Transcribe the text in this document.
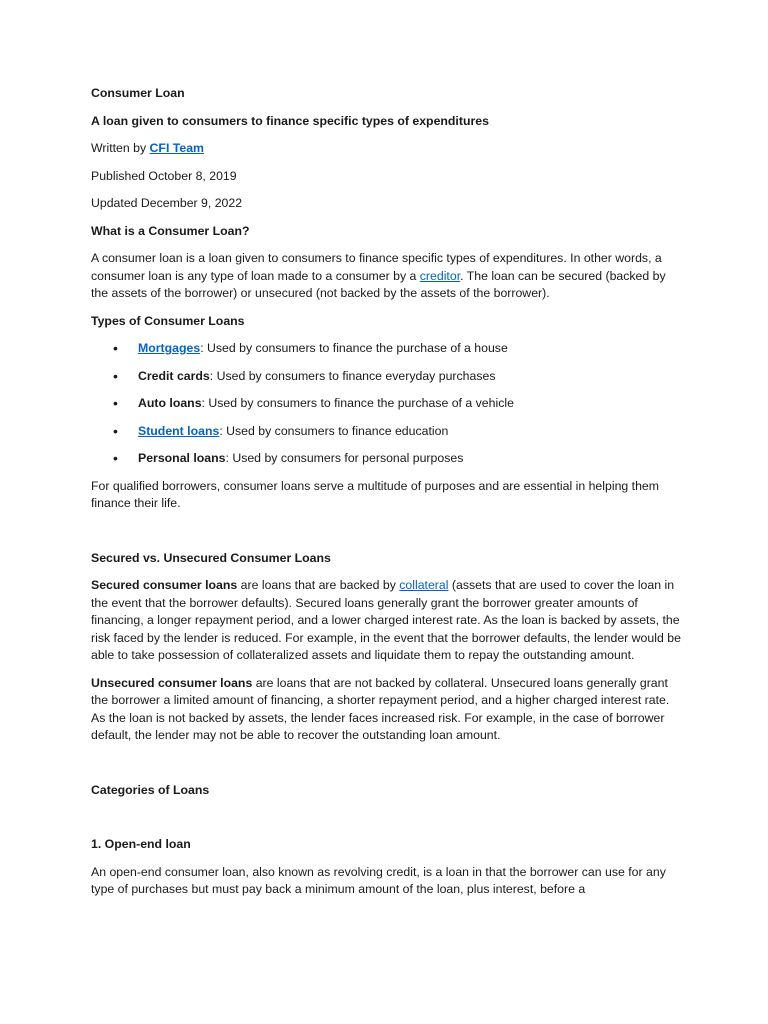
Consumer Loan

A loan given to consumers to finance specific types of expenditures

Written by CFI Team

Published October 8, 2019

Updated December 9, 2022

What is a Consumer Loan?

A consumer loan is a loan given to consumers to finance specific types of expenditures. In other words, a consumer loan is any type of loan made to a consumer by a creditor. The loan can be secured (backed by the assets of the borrower) or unsecured (not backed by the assets of the borrower).

Types of Consumer Loans

• Mortgages: Used by consumers to finance the purchase of a house
• Credit cards: Used by consumers to finance everyday purchases
• Auto loans: Used by consumers to finance the purchase of a vehicle
• Student loans: Used by consumers to finance education
• Personal loans: Used by consumers for personal purposes

For qualified borrowers, consumer loans serve a multitude of purposes and are essential in helping them finance their life.

Secured vs. Unsecured Consumer Loans

Secured consumer loans are loans that are backed by collateral (assets that are used to cover the loan in the event that the borrower defaults). Secured loans generally grant the borrower greater amounts of financing, a longer repayment period, and a lower charged interest rate. As the loan is backed by assets, the risk faced by the lender is reduced. For example, in the event that the borrower defaults, the lender would be able to take possession of collateralized assets and liquidate them to repay the outstanding amount.

Unsecured consumer loans are loans that are not backed by collateral. Unsecured loans generally grant the borrower a limited amount of financing, a shorter repayment period, and a higher charged interest rate. As the loan is not backed by assets, the lender faces increased risk. For example, in the case of borrower default, the lender may not be able to recover the outstanding loan amount.

Categories of Loans

1. Open-end loan

An open-end consumer loan, also known as revolving credit, is a loan in that the borrower can use for any type of purchases but must pay back a minimum amount of the loan, plus interest, before a
